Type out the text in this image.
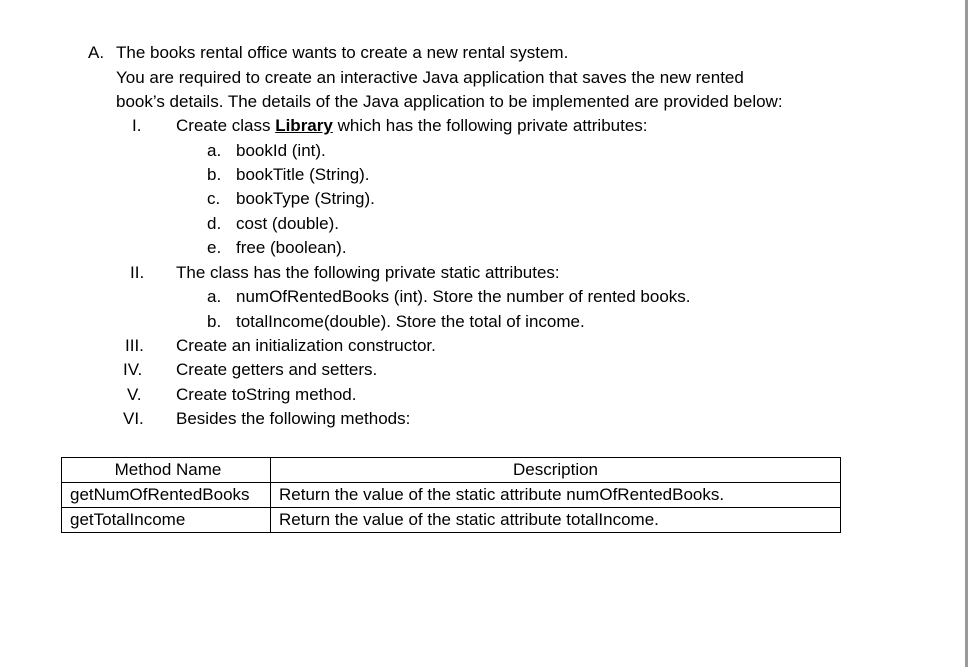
A. The books rental office wants to create a new rental system.
You are required to create an interactive Java application that saves the new rented
book’s details. The details of the Java application to be implemented are provided below:
I. Create class Library which has the following private attributes:
a. bookId (int).
b. bookTitle (String).
c. bookType (String).
d. cost (double).
e. free (boolean).
II. The class has the following private static attributes:
a. numOfRentedBooks (int). Store the number of rented books.
b. totalIncome(double). Store the total of income.
III. Create an initialization constructor.
IV. Create getters and setters.
V. Create toString method.
VI. Besides the following methods:
Method Name	Description
getNumOfRentedBooks	Return the value of the static attribute numOfRentedBooks.
getTotalIncome	Return the value of the static attribute totalIncome.
